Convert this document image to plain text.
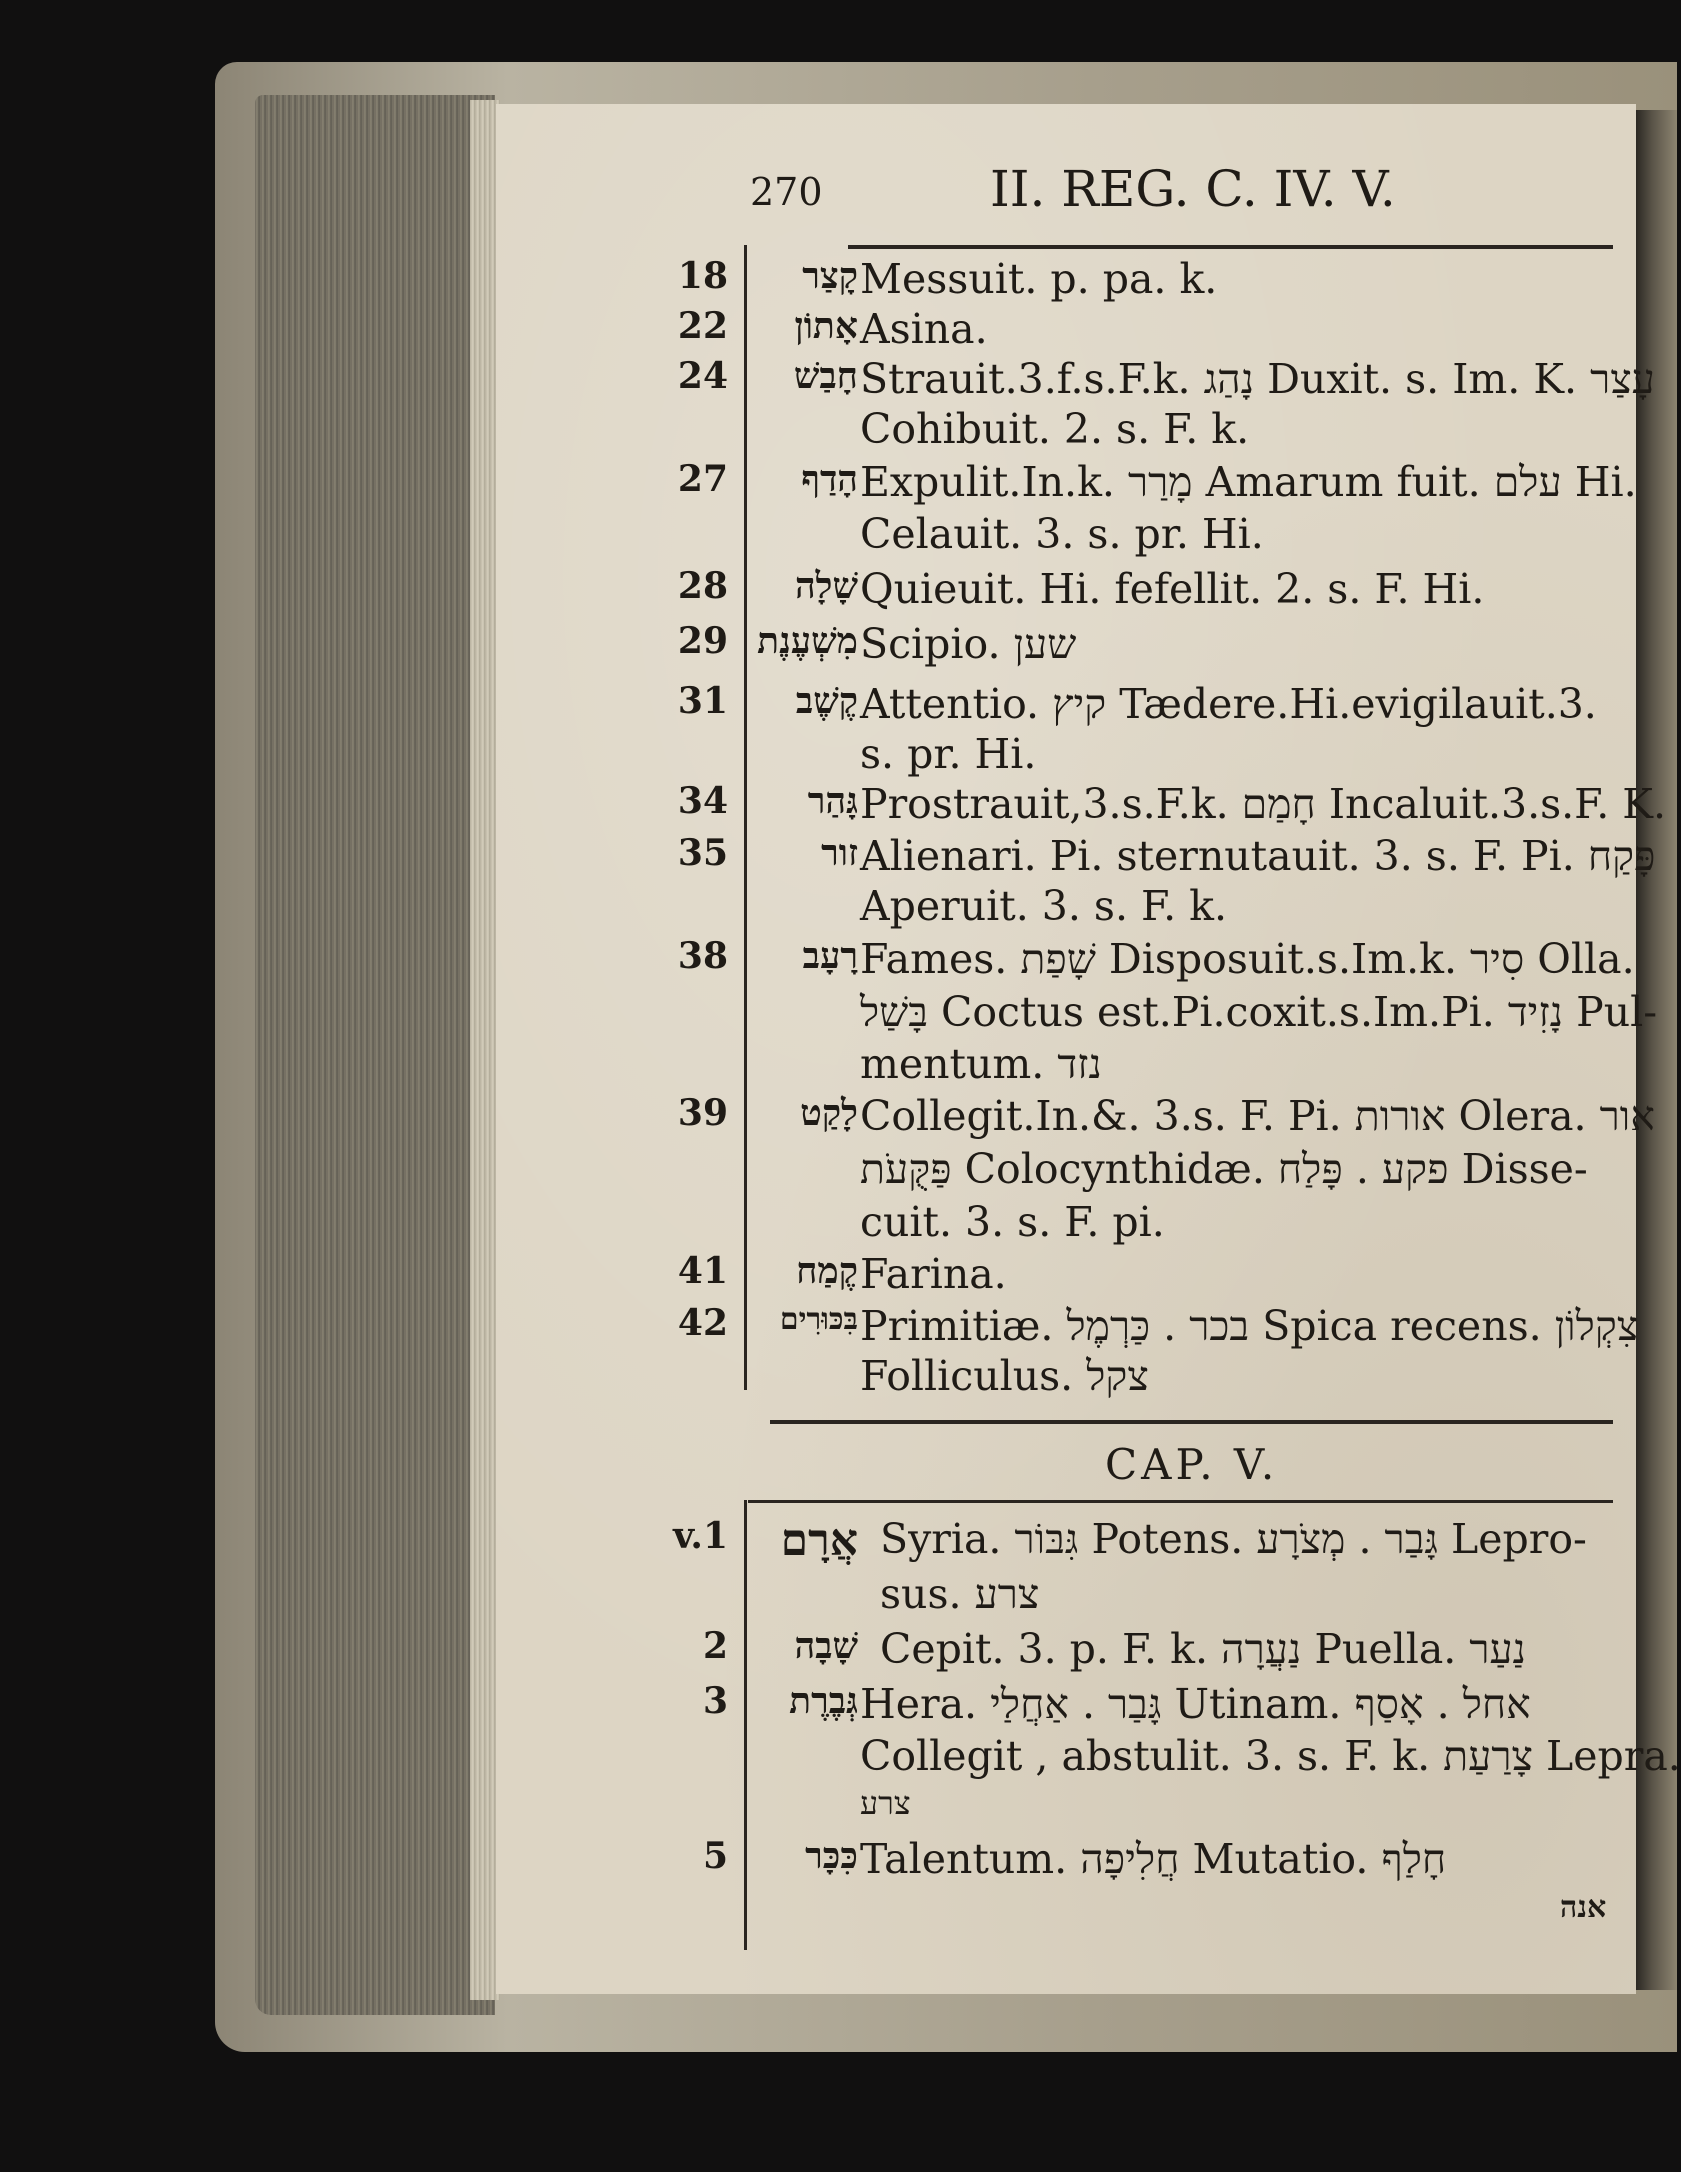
270	II. REG. C. IV. V.
18	קָצַר Messuit. p. pa. k.
22	אָתוֹן Asina.
24	חָבַשׁ Strauit.3.f.s.F.k. נָהַג Duxit. s. Im. K. עָצַר
Cohibuit. 2. s. F. k.
27	הָדַף Expulit.In.k. מָרַר Amarum fuit. עלם Hi.
Celauit. 3. s. pr. Hi.
28	שָׁלָה Quieuit. Hi. fefellit. 2. s. F. Hi.
29 מִשְׁעֶנֶת Scipio. שען
31	קֶשֶׁב Attentio. קיץ Tædere.Hi.evigilauit.3.
s. pr. Hi.
34	גָּהַר Prostrauit,3.s.F.k. חָמַם Incaluit.3.s.F. K.
35	זור Alienari. Pi. sternutauit. 3. s. F. Pi. פָּקַח
Aperuit. 3. s. F. k.
38	רָעָב Fames. שָׁפַת Disposuit.s.Im.k. סִיר Olla.
בָּשַׁל Coctus est.Pi.coxit.s.Im.Pi. נָזִיד Pul-
mentum. נזד
39	לָקַט Collegit.In.&. 3.s. F. Pi. אורות Olera. אור
פַּקֻּעֹת Colocynthidæ. פקע . פָּלַח Disse-
cuit. 3. s. F. pi.
41	קֶמַח Farina.
42	בִּכּוּרִים Primitiæ. בכר . כַּרְמֶל Spica recens. צִקְלוֹן
Folliculus. צקל
CAP. V.
v.1	אֲרָם Syria. גִּבּוֹר Potens. גָּבַר . מְצֹרָע Lepro-
sus. צרע
2	שָׁבָה Cepit. 3. p. F. k. נַעֲרָה Puella. נַעַר
3	גְּבֶרֶת Hera. גָּבַר . אַחֲלַי Utinam. אחל . אָסַף
Collegit , abstulit. 3. s. F. k. צָרַעַת Lepra.
צרע
5	כִּכָּר Talentum. חֲלִיפָה Mutatio. חָלַף
אנה
